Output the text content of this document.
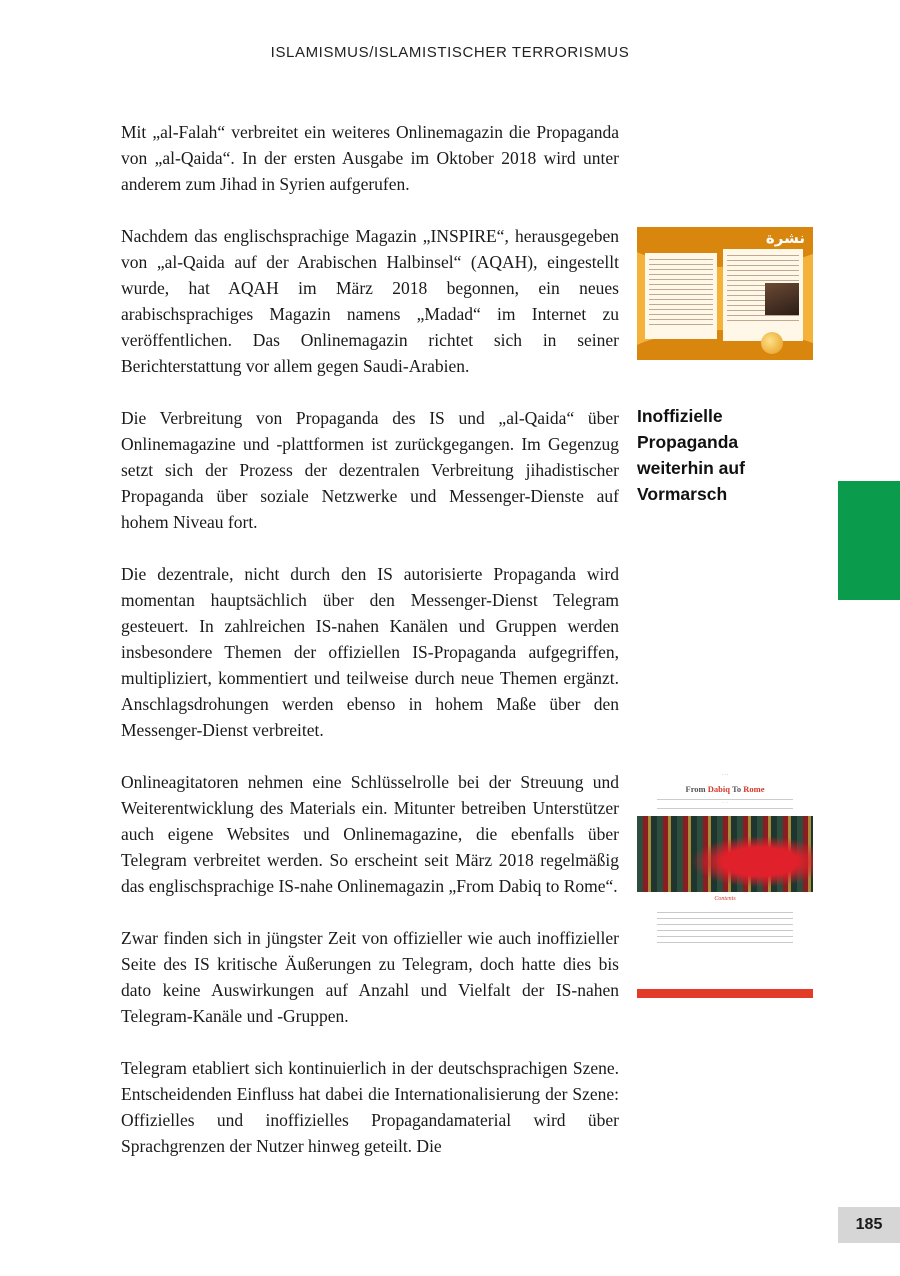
ISLAMISMUS/ISLAMISTISCHER TERRORISMUS

Mit „al-Falah“ verbreitet ein weiteres Onlinemagazin die Propaganda von „al-Qaida“. In der ersten Ausgabe im Oktober 2018 wird unter anderem zum Jihad in Syrien aufgerufen.

Nachdem das englischsprachige Magazin „INSPIRE“, herausgegeben von „al-Qaida auf der Arabischen Halbinsel“ (AQAH), eingestellt wurde, hat AQAH im März 2018 begonnen, ein neues arabischsprachiges Magazin namens „Madad“ im Internet zu veröffentlichen. Das Onlinemagazin richtet sich in seiner Berichterstattung vor allem gegen Saudi-Arabien.

Die Verbreitung von Propaganda des IS und „al-Qaida“ über Onlinemagazine und -plattformen ist zurückgegangen. Im Gegenzug setzt sich der Prozess der dezentralen Verbreitung jihadistischer Propaganda über soziale Netzwerke und Messenger-Dienste auf hohem Niveau fort.

Die dezentrale, nicht durch den IS autorisierte Propaganda wird momentan hauptsächlich über den Messenger-Dienst Telegram gesteuert. In zahlreichen IS-nahen Kanälen und Gruppen werden insbesondere Themen der offiziellen IS-Propaganda aufgegriffen, multipliziert, kommentiert und teilweise durch neue Themen ergänzt. Anschlagsdrohungen werden ebenso in hohem Maße über den Messenger-Dienst verbreitet.

Onlineagitatoren nehmen eine Schlüsselrolle bei der Streuung und Weiterentwicklung des Materials ein. Mitunter betreiben Unterstützer auch eigene Websites und Onlinemagazine, die ebenfalls über Telegram verbreitet werden. So erscheint seit März 2018 regelmäßig das englischsprachige IS-nahe Onlinemagazin „From Dabiq to Rome“.

Zwar finden sich in jüngster Zeit von offizieller wie auch inoffizieller Seite des IS kritische Äußerungen zu Telegram, doch hatte dies bis dato keine Auswirkungen auf Anzahl und Vielfalt der IS-nahen Telegram-Kanäle und -Gruppen.

Telegram etabliert sich kontinuierlich in der deutschsprachigen Szene. Entscheidenden Einfluss hat dabei die Internationalisierung der Szene: Offizielles und inoffizielles Propagandamaterial wird über Sprachgrenzen der Nutzer hinweg geteilt. Die

نشرة
Inoffizielle Propaganda weiterhin auf Vormarsch
· · ·
From Dabiq To Rome
· · ·
Contents
185
